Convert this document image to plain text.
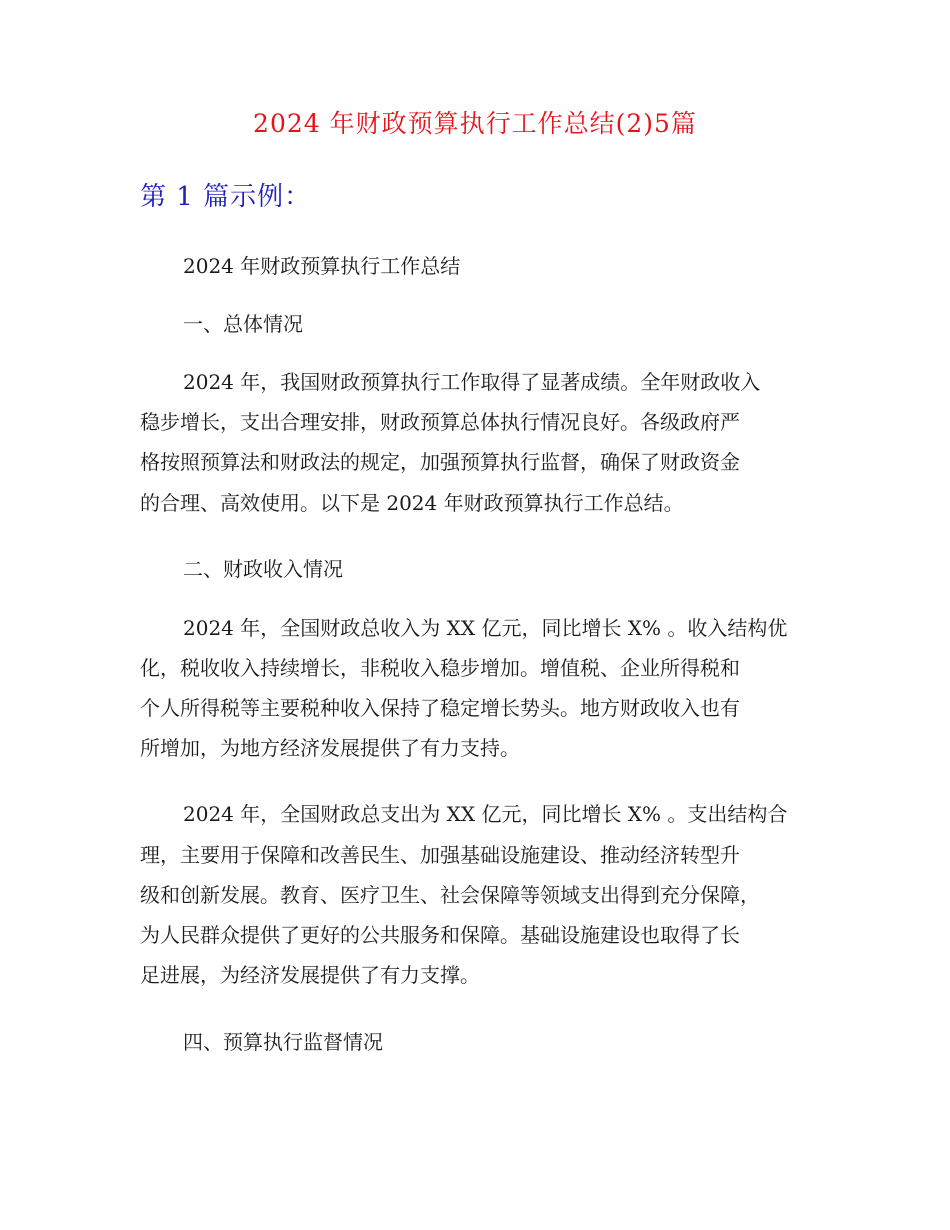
2024 年财政预算执行工作总结(2)5篇
第 1 篇示例：
2024 年财政预算执行工作总结
一、总体情况
2024 年，我国财政预算执行工作取得了显著成绩。全年财政收入
稳步增长，支出合理安排，财政预算总体执行情况良好。各级政府严
格按照预算法和财政法的规定，加强预算执行监督，确保了财政资金
的合理、高效使用。以下是 2024 年财政预算执行工作总结。
二、财政收入情况
2024 年，全国财政总收入为 XX 亿元，同比增长 X% 。收入结构优
化，税收收入持续增长，非税收入稳步增加。增值税、企业所得税和
个人所得税等主要税种收入保持了稳定增长势头。地方财政收入也有
所增加，为地方经济发展提供了有力支持。
2024 年，全国财政总支出为 XX 亿元，同比增长 X% 。支出结构合
理，主要用于保障和改善民生、加强基础设施建设、推动经济转型升
级和创新发展。教育、医疗卫生、社会保障等领域支出得到充分保障，
为人民群众提供了更好的公共服务和保障。基础设施建设也取得了长
足进展，为经济发展提供了有力支撑。
四、预算执行监督情况
